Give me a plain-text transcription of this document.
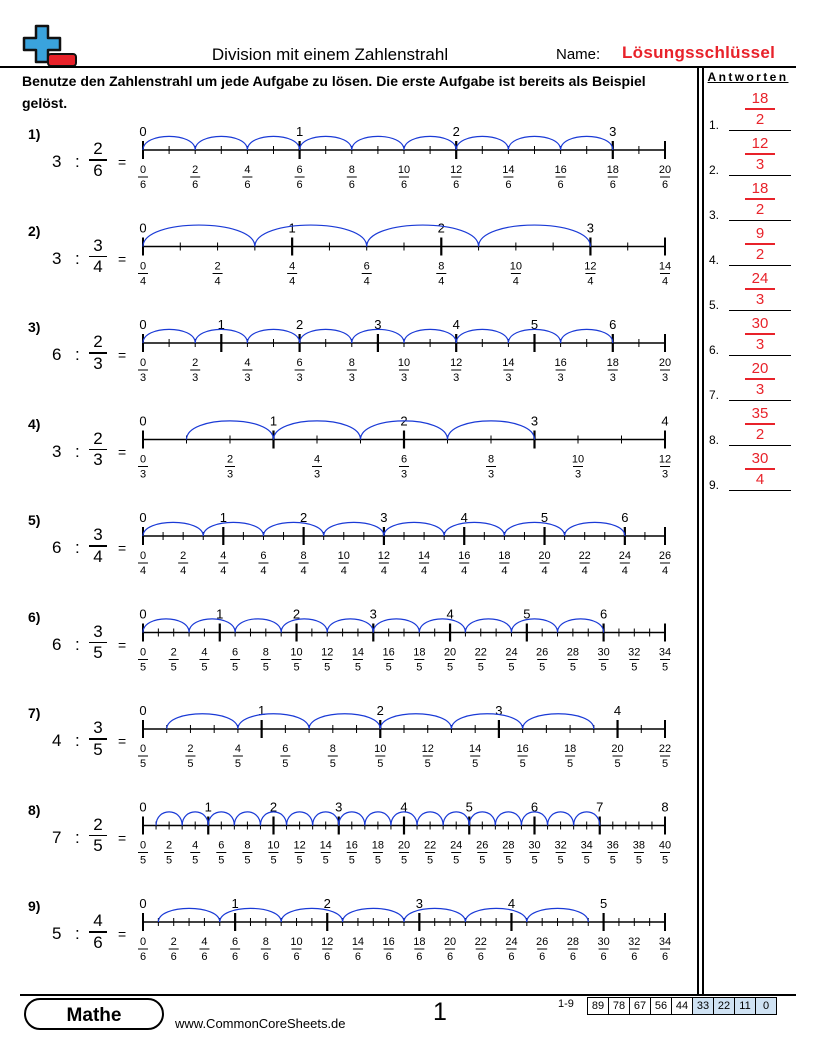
Division mit einem Zahlenstrahl	Name: Lösungsschlüssel
Benutze den Zahlenstrahl um jede Aufgabe zu lösen. Die erste Aufgabe ist bereits als Beispiel gelöst.
Antworten
18
2
1.
12
3
2.
18
2
3.
9
2
4.
24
3
5.
30
3
6.
20
3
7.
35
2
8.
30
4
9.
1)
3 :
2
6	=
2)
3 :
3
4	=
3)
6 :
2
3	=
4)
3 :
2
3	=
5)
6 :
3
4	=
6)
6 :
3
5	=
7)
4 :
3
5	=
8)
7 :
2
5	=
9)
5 :
4
6	=
0	1	2	3
0
6
2
6
4
6
6
6
8
6
10
6
12
6
14
6
16
6
18
6
20
6
0	1	2	3
0
4
2
4
4
4
6
4
8
4
10
4
12
4
14
4
0	1	2	3	4	5	6
0
3
2
3
4
3
6
3
8
3
10
3
12
3
14
3
16
3
18
3
20
3
0	1	2	3	4
0
3
2
3
4
3
6
3
8
3
10
3
12
3
0	1	2	3	4	5	6
0
4
2
4
4
4
6
4
8
4
10
4
12
4
14
4
16
4
18
4
20
4
22
4
24
4
26
4
0	1	2	3	4	5	6
0
5
2
5
4
5
6
5
8
5
10
5
12
5
14
5
16
5
18
5
20
5
22
5
24
5
26
5
28
5
30
5
32
5
34
5
0	1	2	3	4
0
5
2
5
4
5
6
5
8
5
10
5
12
5
14
5
16
5
18
5
20
5
22
5
0	1	2	3	4	5	6	7	8
0
5
2
5
4
5
6
5
8
5
10
5
12
5
14
5
16
5
18
5
20
5
22
5
24
5
26
5
28
5
30
5
32
5
34
5
36
5
38
5
40
5
0	1	2	3	4	5
0
6
2
6
4
6
6
6
8
6
10
6
12
6
14
6
16
6
18
6
20
6
22
6
24
6
26
6
28
6
30
6
32
6
34
6
Mathe	www.CommonCoreSheets.de	1	1-9 89	78	67	56	44	33	22	11	0
